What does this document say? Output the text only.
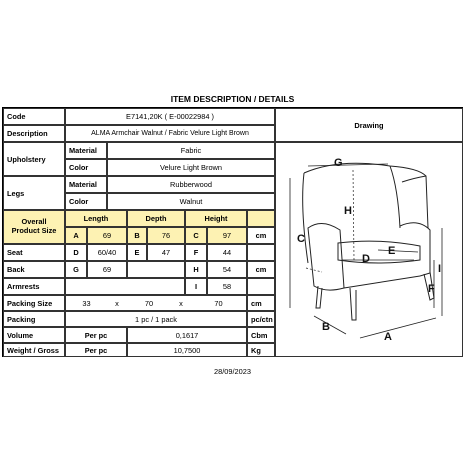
ITEM DESCRIPTION / DETAILS
Code	E7141,20K ( E-00022984 )
Drawing
Description	ALMA Armchair Walnut / Fabric Velure Light Brown
Upholstery
Material	Fabric
Color	Velure Light Brown
Legs
Material	Rubberwood
Color	Walnut
Overall Product Size
Length	Depth	Height
A	69	B	76	C	97	cm
Seat	D	60/40	E	47	F	44
Back	G	69	H	54	cm
Armrests	I	58
Packing Size	33	x	70	x	70	cm
Packing	1 pc / 1 pack	pc/ctn
Volume	Per pc	0,1617	Cbm
Weight / Gross	Per pc	10,7500	Kg
G
H
C
E
D
I
F
B
A
28/09/2023
